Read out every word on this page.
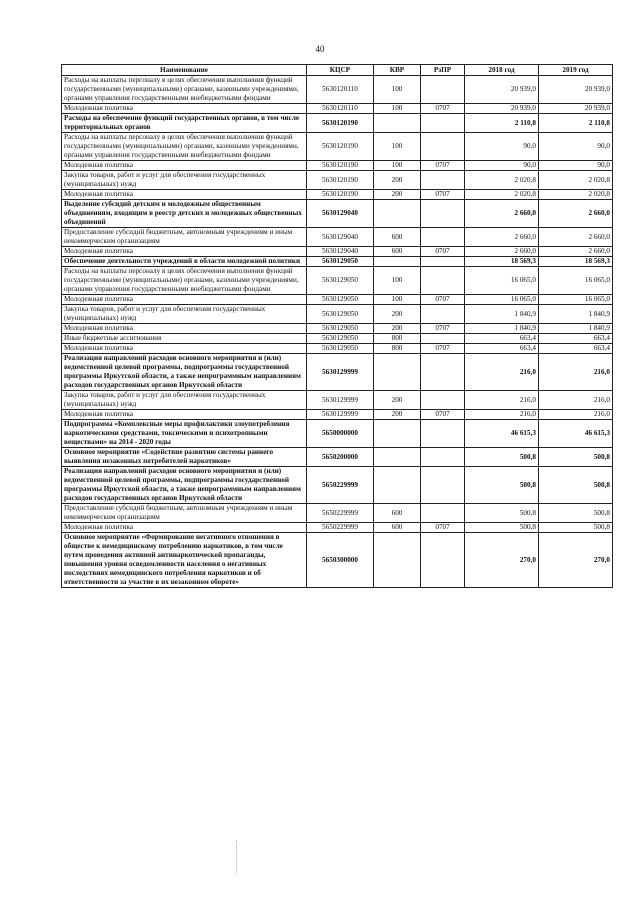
40
Наименование	КЦСР	КВР	РзПР	2018 год	2019 год
Расходы на выплаты персоналу в целях обеспечения выполнения функций государственными (муниципальными) органами, казенными учреждениями, органами управления государственными внебюджетными фондами	5630120110	100		20 939,0	20 939,0
Молодежная политика	5630120110	100	0707	20 939,0	20 939,0
Расходы на обеспечение функций государственных органов, в том числе территориальных органов	5630120190			2 110,8	2 110,8
Расходы на выплаты персоналу в целях обеспечения выполнения функций государственными (муниципальными) органами, казенными учреждениями, органами управления государственными внебюджетными фондами	5630120190	100		90,0	90,0
Молодежная политика	5630120190	100	0707	90,0	90,0
Закупка товаров, работ и услуг для обеспечения государственных (муниципальных) нужд	5630120190	200		2 020,8	2 020,8
Молодежная политика	5630120190	200	0707	2 020,8	2 020,8
Выделение субсидий детским и молодежным общественным объединениям, входящим в реестр детских и молодежных общественных объединений	5630129040			2 660,0	2 660,0
Предоставление субсидий бюджетным, автономным учреждениям и иным некоммерческим организациям	5630129040	600		2 660,0	2 660,0
Молодежная политика	5630129040	600	0707	2 660,0	2 660,0
Обеспечение деятельности учреждений в области молодежной политики	5630129050			18 569,3	18 569,3
Расходы на выплаты персоналу в целях обеспечения выполнения функций государственными (муниципальными) органами, казенными учреждениями, органами управления государственными внебюджетными фондами	5630129050	100		16 065,0	16 065,0
Молодежная политика	5630129050	100	0707	16 065,0	16 065,0
Закупка товаров, работ и услуг для обеспечения государственных (муниципальных) нужд	5630129050	200		1 840,9	1 840,9
Молодежная политика	5630129050	200	0707	1 840,9	1 840,9
Иные бюджетные ассигнования	5630129050	800		663,4	663,4
Молодежная политика	5630129050	800	0707	663,4	663,4
Реализация направлений расходов основного мероприятия и (или) ведомственной целевой программы, подпрограммы государственной программы Иркутской области, а также непрограммным направлениям расходов государственных органов Иркутской области	5630129999			216,0	216,0
Закупка товаров, работ и услуг для обеспечения государственных (муниципальных) нужд	5630129999	200		216,0	216,0
Молодежная политика	5630129999	200	0707	216,0	216,0
Подпрограмма «Комплексные меры профилактики злоупотребления наркотическими средствами, токсическими и психотропными веществами» на 2014 - 2020 годы	5650000000			46 615,3	46 615,3
Основное мероприятие «Содействие развитию системы раннего выявления незаконных потребителей наркотиков»	5650200000			500,8	500,8
Реализация направлений расходов основного мероприятия и (или) ведомственной целевой программы, подпрограммы государственной программы Иркутской области, а также непрограммным направлениям расходов государственных органов Иркутской области	5650229999			500,8	500,8
Предоставление субсидий бюджетным, автономным учреждениям и иным некоммерческим организациям	5650229999	600		500,8	500,8
Молодежная политика	5650229999	600	0707	500,8	500,8
Основное мероприятие «Формирование негативного отношения в обществе к немедицинскому потреблению наркотиков, в том числе путем проведения активной антинаркотической пропаганды, повышения уровня осведомленности населения о негативных последствиях немедицинского потребления наркотиков и об ответственности за участие в их незаконном обороте»	5650300000			270,0	270,0
